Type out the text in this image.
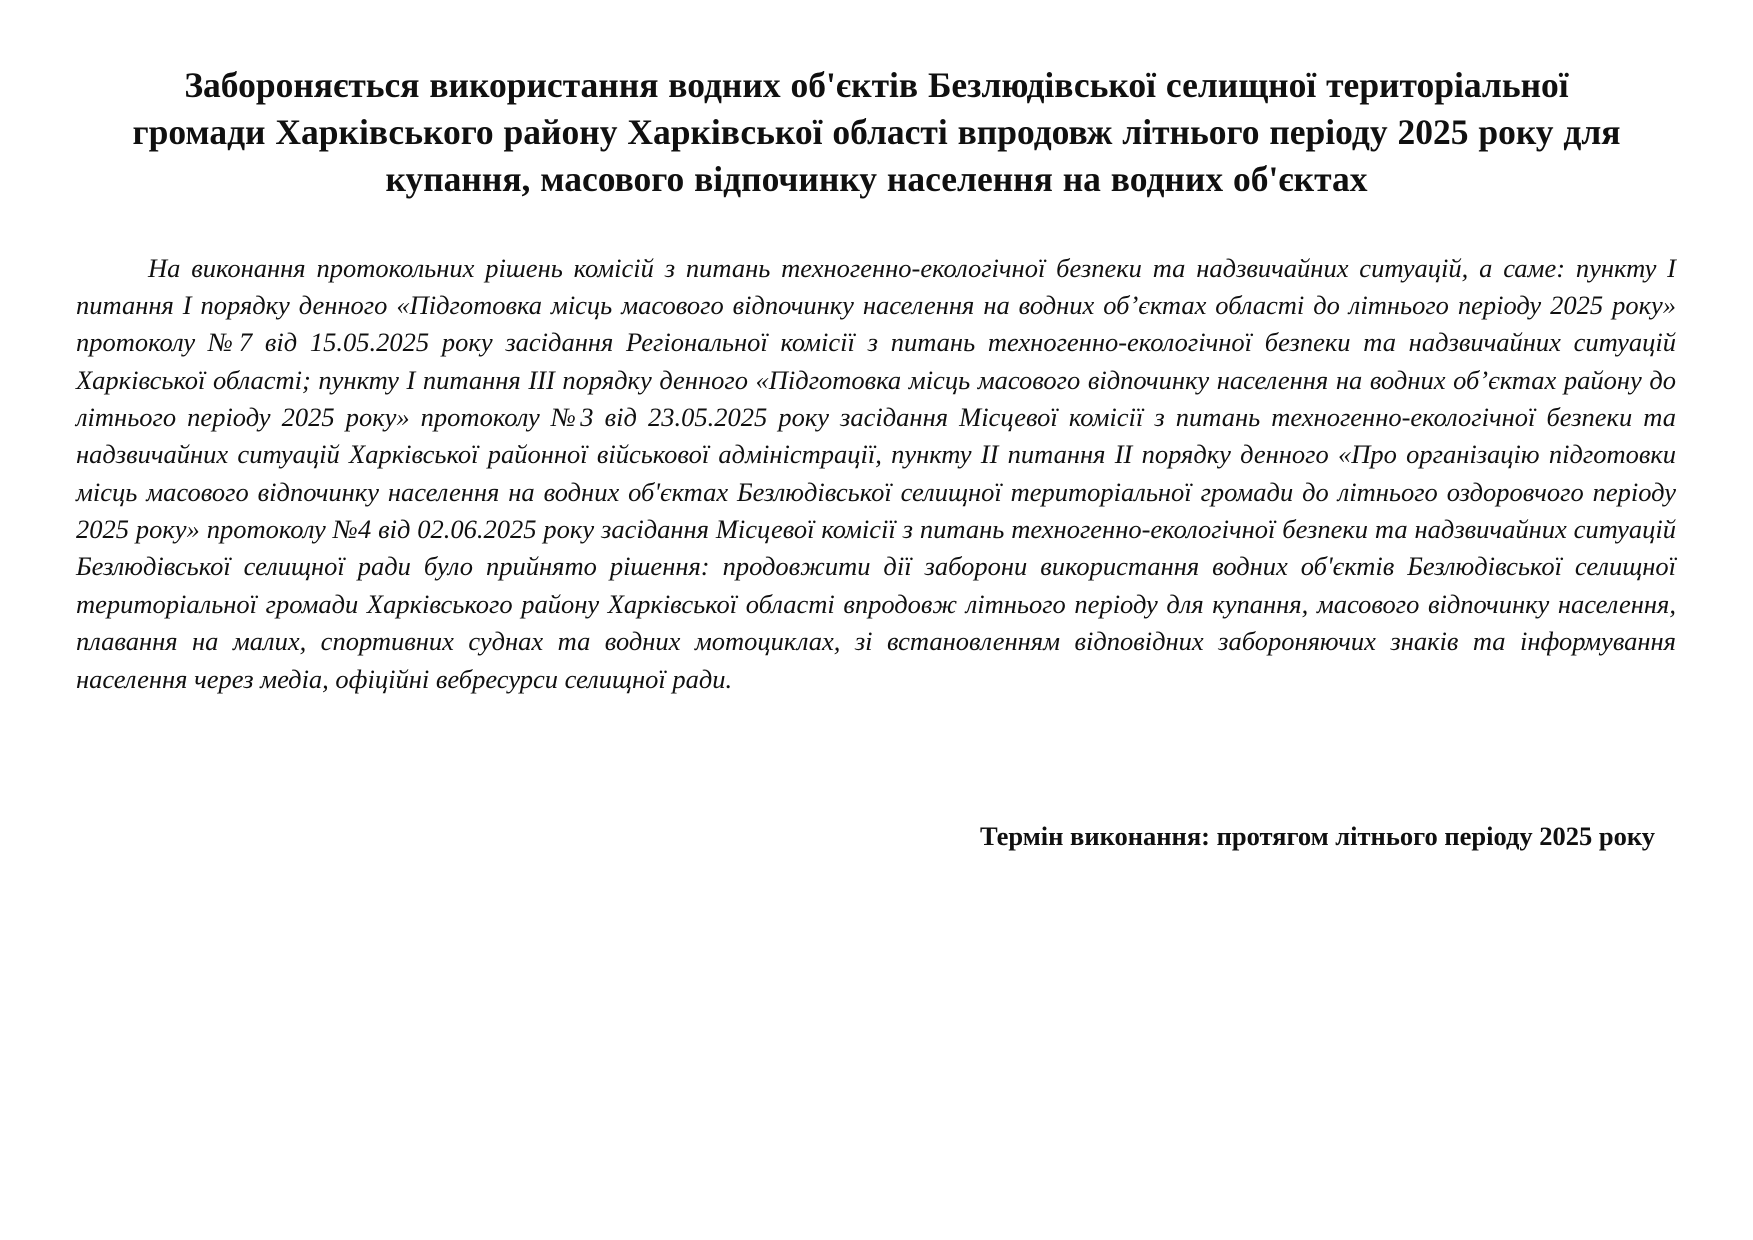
Забороняється використання водних об'єктів Безлюдівської селищної територіальної громади Харківського району Харківської області впродовж літнього періоду 2025 року для купання, масового відпочинку населення на водних об'єктах

На виконання протокольних рішень комісій з питань техногенно-екологічної безпеки та надзвичайних ситуацій, а саме: пункту I питання I порядку денного «Підготовка місць масового відпочинку населення на водних об’єктах області до літнього періоду 2025 року» протоколу №7 від 15.05.2025 року засідання Регіональної комісії з питань техногенно-екологічної безпеки та надзвичайних ситуацій Харківської області; пункту I питання III порядку денного «Підготовка місць масового відпочинку населення на водних об’єктах району до літнього періоду 2025 року» протоколу №3 від 23.05.2025 року засідання Місцевої комісії з питань техногенно-екологічної безпеки та надзвичайних ситуацій Харківської районної військової адміністрації, пункту II питання II порядку денного «Про організацію підготовки місць масового відпочинку населення на водних об'єктах Безлюдівської селищної територіальної громади до літнього оздоровчого періоду 2025 року» протоколу №4 від 02.06.2025 року засідання Місцевої комісії з питань техногенно-екологічної безпеки та надзвичайних ситуацій Безлюдівської селищної ради було прийнято рішення: продовжити дії заборони використання водних об'єктів Безлюдівської селищної територіальної громади Харківського району Харківської області впродовж літнього періоду для купання, масового відпочинку населення, плавання на малих, спортивних суднах та водних мотоциклах, зі встановленням відповідних забороняючих знаків та інформування населення через медіа, офіційні вебресурси селищної ради.

Термін виконання: протягом літнього періоду 2025 року
